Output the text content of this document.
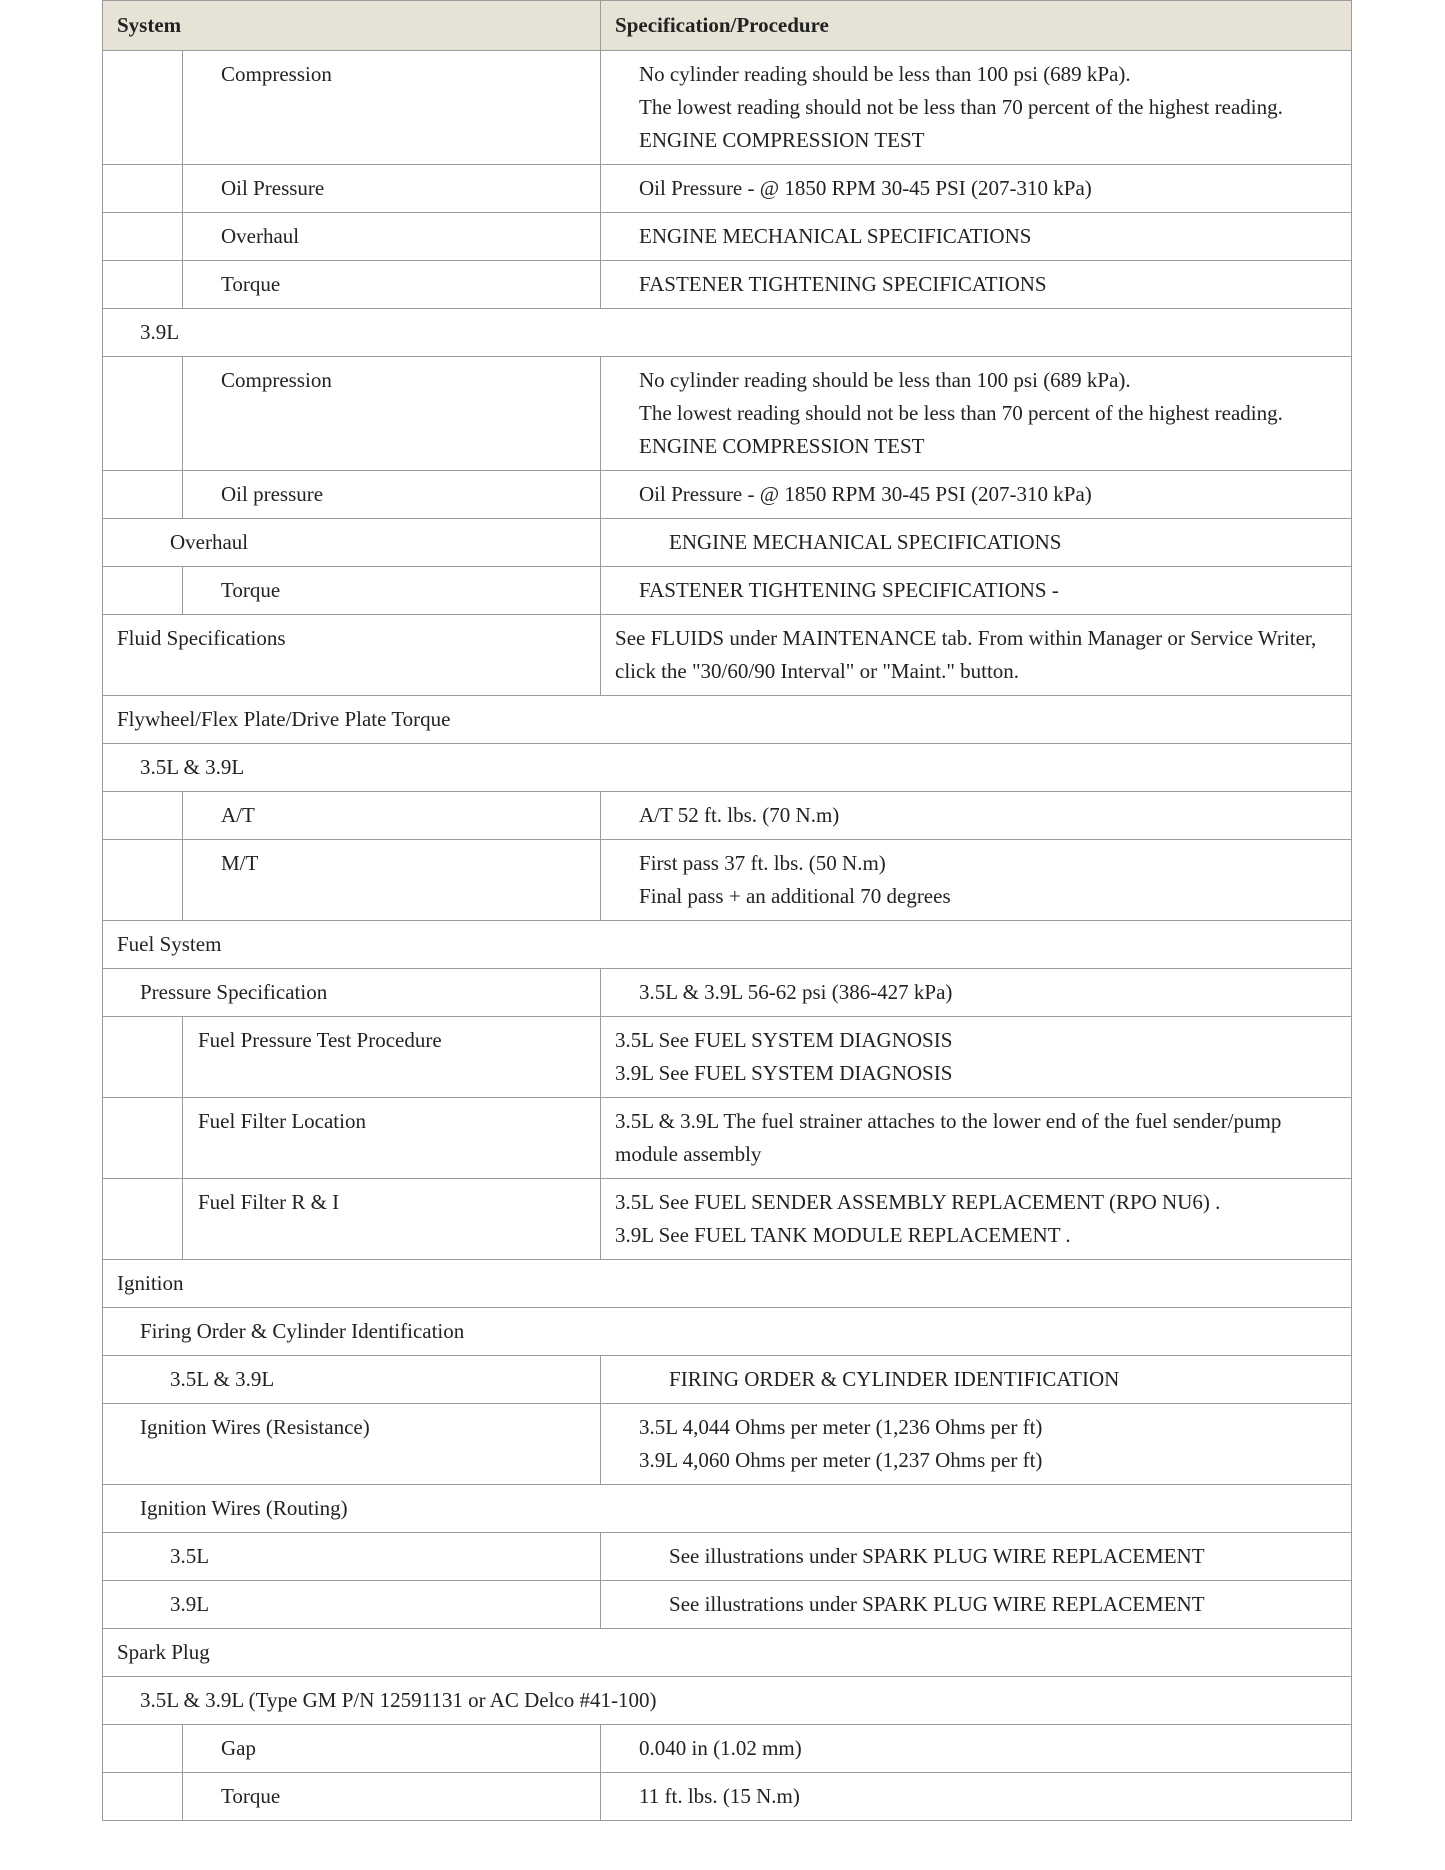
System		Specification/Procedure

	Compression	No cylinder reading should be less than 100 psi (689 kPa).
The lowest reading should not be less than 70 percent of the highest reading.
ENGINE COMPRESSION TEST

	Oil Pressure	Oil Pressure - @ 1850 RPM 30-45 PSI (207-310 kPa)

	Overhaul	ENGINE MECHANICAL SPECIFICATIONS

	Torque	FASTENER TIGHTENING SPECIFICATIONS

3.9L		

	Compression	No cylinder reading should be less than 100 psi (689 kPa).
The lowest reading should not be less than 70 percent of the highest reading.
ENGINE COMPRESSION TEST

	Oil pressure	Oil Pressure - @ 1850 RPM 30-45 PSI (207-310 kPa)

Overhaul		ENGINE MECHANICAL SPECIFICATIONS

	Torque	FASTENER TIGHTENING SPECIFICATIONS -

Fluid Specifications		See FLUIDS under MAINTENANCE tab. From within Manager or Service Writer,
click the "30/60/90 Interval" or "Maint." button.

Flywheel/Flex Plate/Drive Plate Torque		

3.5L & 3.9L		

	A/T	A/T 52 ft. lbs. (70 N.m)

	M/T	First pass 37 ft. lbs. (50 N.m)
Final pass + an additional 70 degrees

Fuel System		

Pressure Specification		3.5L & 3.9L 56-62 psi (386-427 kPa)

	Fuel Pressure Test Procedure	3.5L See FUEL SYSTEM DIAGNOSIS
3.9L See FUEL SYSTEM DIAGNOSIS

	Fuel Filter Location	3.5L & 3.9L The fuel strainer attaches to the lower end of the fuel sender/pump
module assembly

	Fuel Filter R & I	3.5L See FUEL SENDER ASSEMBLY REPLACEMENT (RPO NU6) .
3.9L See FUEL TANK MODULE REPLACEMENT .

Ignition		

Firing Order & Cylinder Identification		

3.5L & 3.9L		FIRING ORDER & CYLINDER IDENTIFICATION

Ignition Wires (Resistance)		3.5L 4,044 Ohms per meter (1,236 Ohms per ft)
3.9L 4,060 Ohms per meter (1,237 Ohms per ft)

Ignition Wires (Routing)		

3.5L		See illustrations under SPARK PLUG WIRE REPLACEMENT

3.9L		See illustrations under SPARK PLUG WIRE REPLACEMENT

Spark Plug		

3.5L & 3.9L (Type GM P/N 12591131 or AC Delco #41-100)		

	Gap	0.040 in (1.02 mm)

	Torque	11 ft. lbs. (15 N.m)
